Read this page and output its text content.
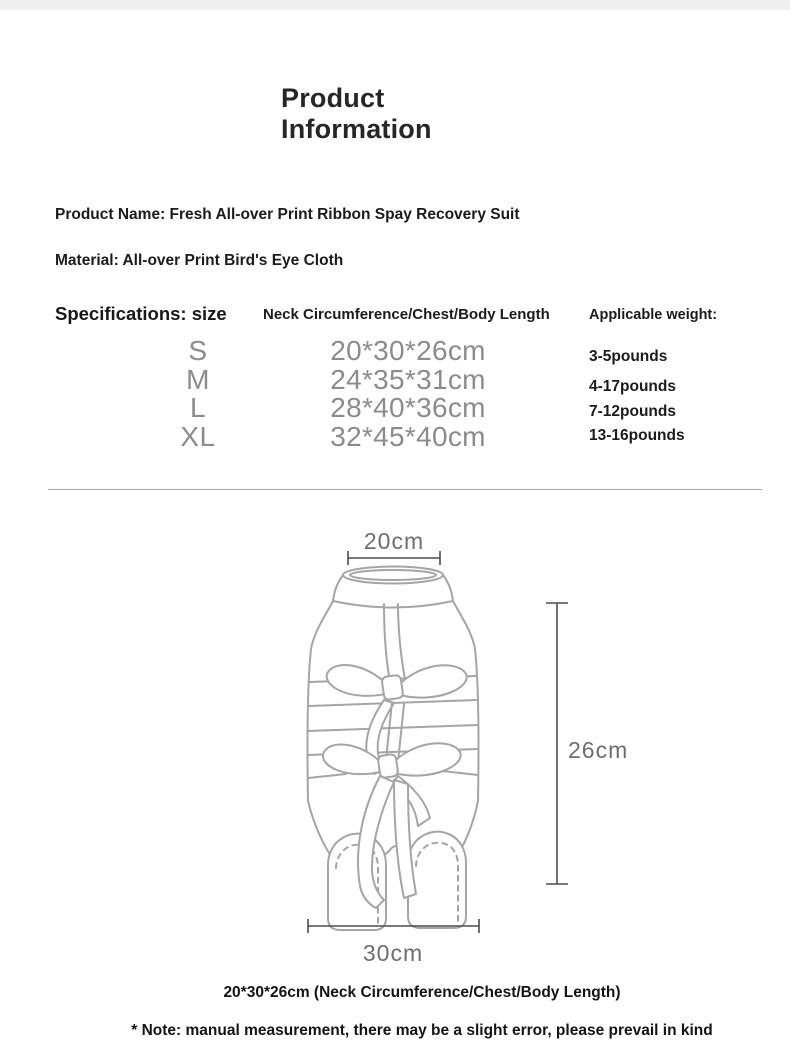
Product
Information
Product Name: Fresh All-over Print Ribbon Spay Recovery Suit
Material: All-over Print Bird's Eye Cloth
Specifications: size Neck Circumference/Chest/Body Length	Applicable weight:
S
M
L
XL
20*30*26cm
24*35*31cm
28*40*36cm
32*45*40cm
3-5pounds
4-17pounds
7-12pounds
13-16pounds
20cm
26cm
30cm
20*30*26cm (Neck Circumference/Chest/Body Length)
* Note: manual measurement, there may be a slight error, please prevail in kind
